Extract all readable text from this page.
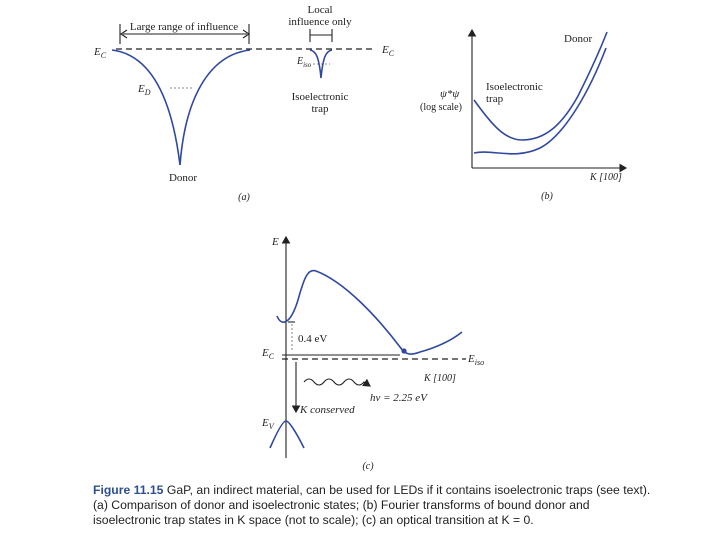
Large range of influence
Local
influence only
$E_C$	$E_C$
$E_D$
Donor
$E_{iso}$
Isoelectronic
trap
(a)
ψ*ψ
(log scale)
Donor
Isoelectronic
trap
K [100]
(b)
E
0.4 eV
$E_C$	$E_{iso}$
K [100]
K conserved
hν = 2.25 eV
$E_V$
(c)
Figure 11.15 GaP, an indirect material, can be used for LEDs if it contains isoelectronic traps (see text). (a) Comparison of donor and isoelectronic states; (b) Fourier transforms of bound donor and isoelectronic trap states in K space (not to scale); (c) an optical transition at K = 0.
